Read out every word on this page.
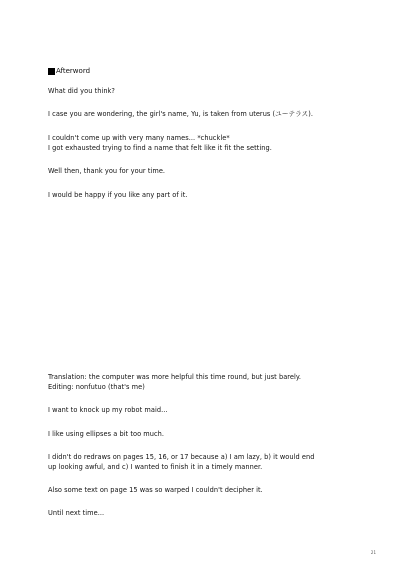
Afterword
What did you think?
I case you are wondering, the girl's name, Yu, is taken from uterus (ユーテラス).
I couldn't come up with very many names... *chuckle*
I got exhausted trying to find a name that felt like it fit the setting.
Well then, thank you for your time.
I would be happy if you like any part of it.
Translation: the computer was more helpful this time round, but just barely.
Editing: nonfutuo (that's me)
I want to knock up my robot maid...
I like using ellipses a bit too much.
I didn't do redraws on pages 15, 16, or 17 because a) I am lazy, b) it would end
up looking awful, and c) I wanted to finish it in a timely manner.
Also some text on page 15 was so warped I couldn't decipher it.
Until next time...
21
